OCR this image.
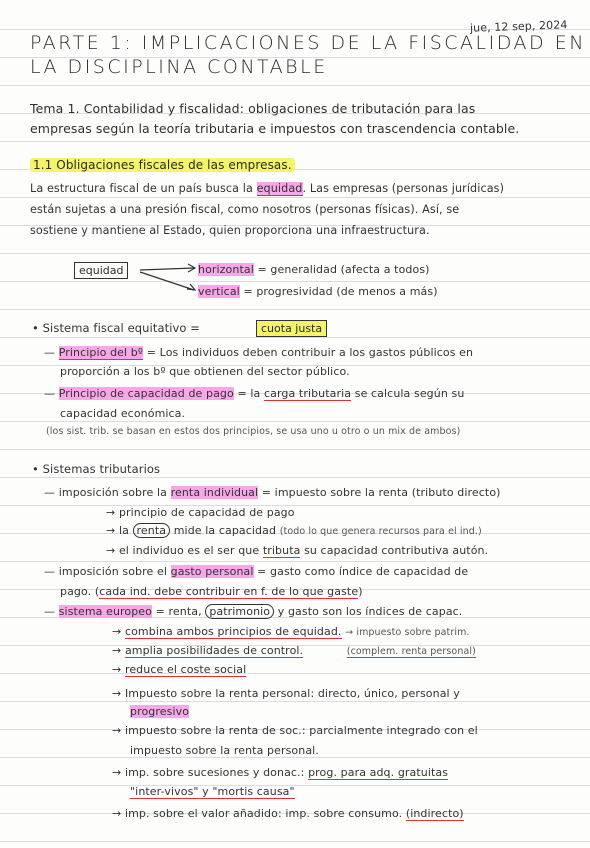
jue, 12 sep, 2024
PARTE 1: IMPLICACIONES DE LA FISCALIDAD EN
LA DISCIPLINA CONTABLE
Tema 1. Contabilidad y fiscalidad: obligaciones de tributación para las
empresas según la teoría tributaria e impuestos con trascendencia contable.
1.1 Obligaciones fiscales de las empresas.
La estructura fiscal de un país busca la equidad. Las empresas (personas jurídicas)
están sujetas a una presión fiscal, como nosotros (personas físicas). Así, se
sostiene y mantiene al Estado, quien proporciona una infraestructura.
equidad	horizontal = generalidad (afecta a todos)
vertical = progresividad (de menos a más)
• Sistema fiscal equitativo =	cuota justa
— Principio del bº = Los individuos deben contribuir a los gastos públicos en
proporción a los bº que obtienen del sector público.
— Principio de capacidad de pago = la carga tributaria se calcula según su
capacidad económica.
(los sist. trib. se basan en estos dos principios, se usa uno u otro o un mix de ambos)
• Sistemas tributarios
— imposición sobre la renta individual = impuesto sobre la renta (tributo directo)
→ principio de capacidad de pago
→ la renta mide la capacidad (todo lo que genera recursos para el ind.)
→ el individuo es el ser que tributa su capacidad contributiva autón.
— imposición sobre el gasto personal = gasto como índice de capacidad de
pago. (cada ind. debe contribuir en f. de lo que gaste)
— sistema europeo = renta, patrimonio y gasto son los índices de capac.
→ combina ambos principios de equidad. → impuesto sobre patrim.
→ amplia posibilidades de control.	(complem. renta personal)
→ reduce el coste social
→ Impuesto sobre la renta personal: directo, único, personal y
progresivo
→ impuesto sobre la renta de soc.: parcialmente integrado con el
impuesto sobre la renta personal.
→ imp. sobre sucesiones y donac.: prog. para adq. gratuitas
"inter-vivos" y "mortis causa"
→ imp. sobre el valor añadido: imp. sobre consumo. (indirecto)
